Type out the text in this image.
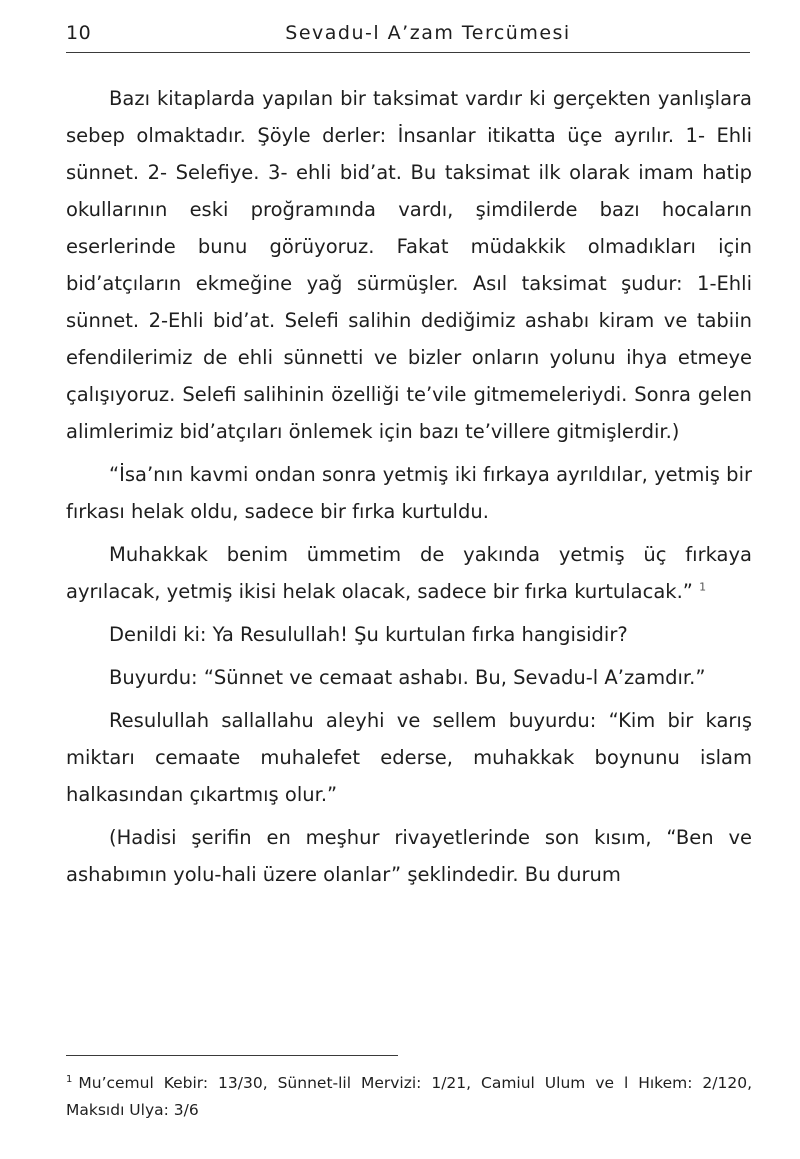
10	Sevadu-l A’zam Tercümesi

Bazı kitaplarda yapılan bir taksimat vardır ki gerçekten yanlışlara sebep olmaktadır. Şöyle derler: İnsanlar itikatta üçe ayrılır. 1- Ehli sünnet. 2- Selefiye. 3- ehli bid’at. Bu taksimat ilk olarak imam hatip okullarının eski proğramında vardı, şimdilerde bazı hocaların eserlerinde bunu görüyoruz. Fakat müdakkik olmadıkları için bid’atçıların ekmeğine yağ sürmüşler. Asıl taksimat şudur: 1-Ehli sünnet. 2-Ehli bid’at. Selefi salihin dediğimiz ashabı kiram ve tabiin efendilerimiz de ehli sünnetti ve bizler onların yolunu ihya etmeye çalışıyoruz. Selefi salihinin özelliği te’vile gitmemeleriydi. Sonra gelen alimlerimiz bid’atçıları önlemek için bazı te’villere gitmişlerdir.)

“İsa’nın kavmi ondan sonra yetmiş iki fırkaya ayrıldılar, yetmiş bir fırkası helak oldu, sadece bir fırka kurtuldu.

Muhakkak benim ümmetim de yakında yetmiş üç fırkaya ayrılacak, yetmiş ikisi helak olacak, sadece bir fırka kurtulacak.” $^1$

Denildi ki: Ya Resulullah! Şu kurtulan fırka hangisidir?

Buyurdu: “Sünnet ve cemaat ashabı. Bu, Sevadu-l A’zamdır.”

Resulullah sallallahu aleyhi ve sellem buyurdu: “Kim bir karış miktarı cemaate muhalefet ederse, muhakkak boynunu islam halkasından çıkartmış olur.”

(Hadisi şerifin en meşhur rivayetlerinde son kısım, “Ben ve ashabımın yolu-hali üzere olanlar” şeklindedir. Bu durum

$^1$ Mu’cemul Kebir: 13/30, Sünnet-lil Mervizi: 1/21, Camiul Ulum ve l Hıkem: 2/120, Maksıdı Ulya: 3/6
